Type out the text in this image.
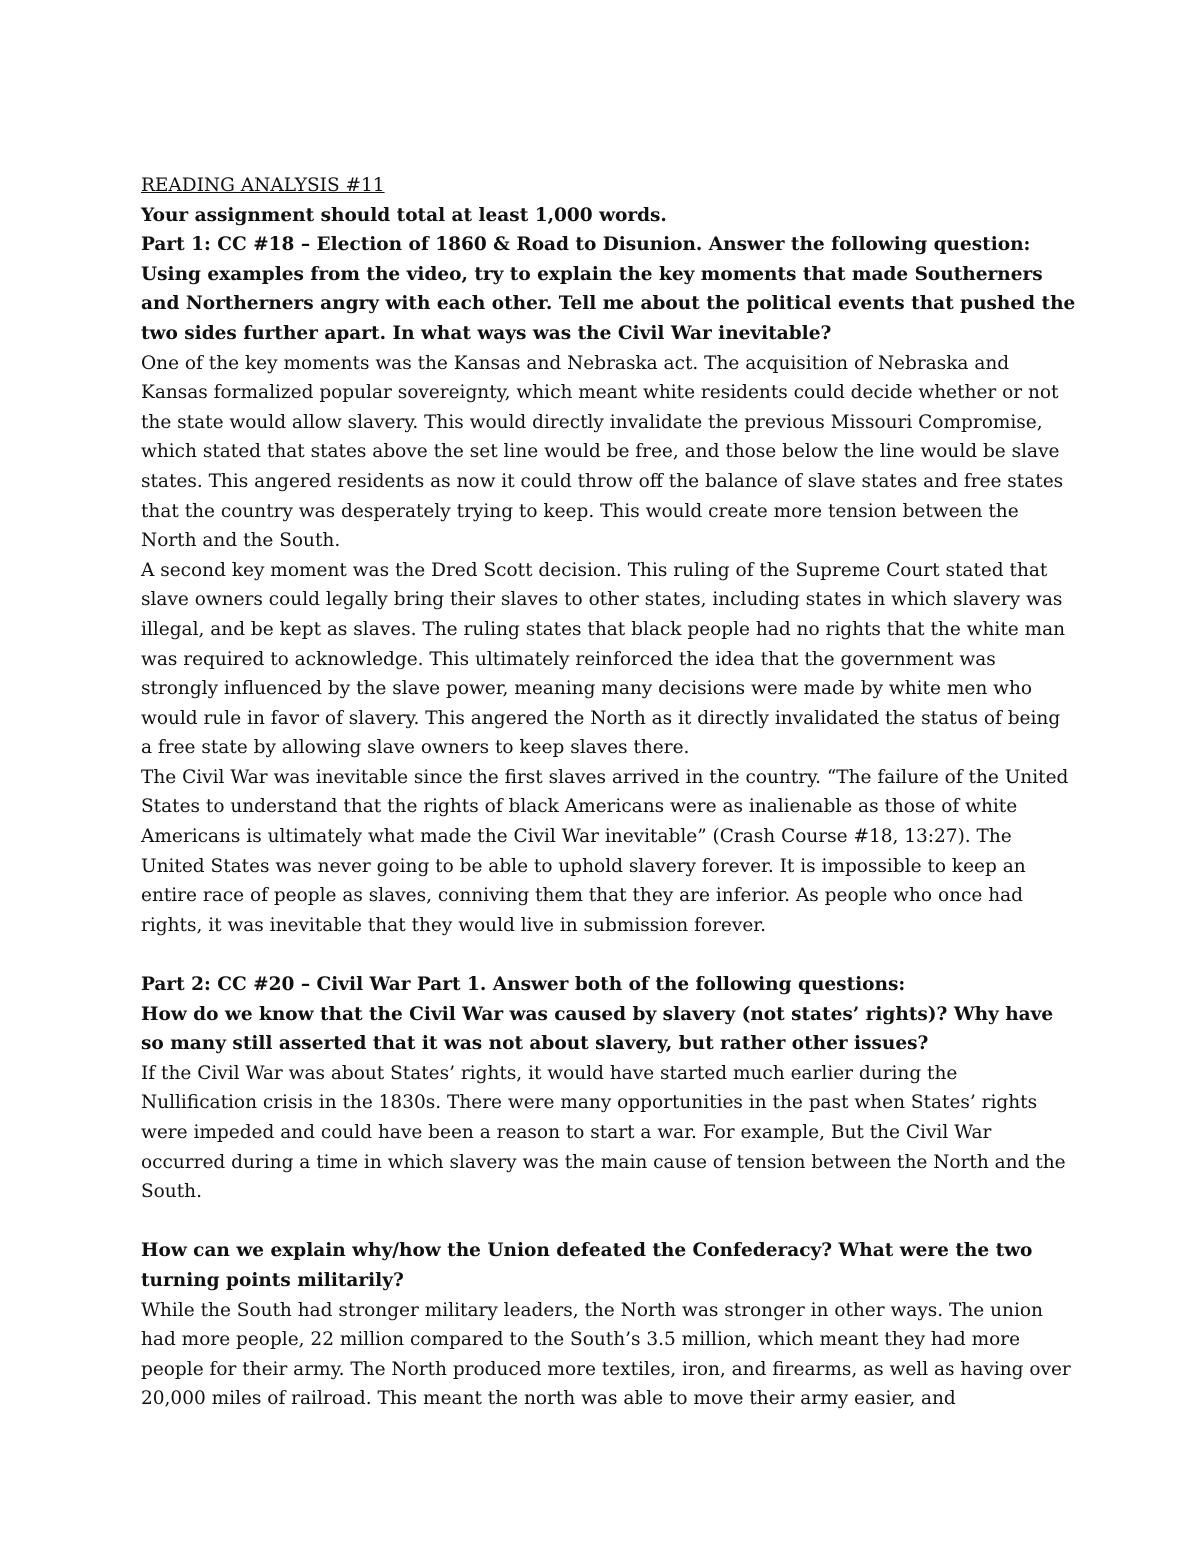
READING ANALYSIS #11

Your assignment should total at least 1,000 words.

Part 1: CC #18 – Election of 1860 & Road to Disunion. Answer the following question: Using examples from the video, try to explain the key moments that made Southerners and Northerners angry with each other. Tell me about the political events that pushed the two sides further apart. In what ways was the Civil War inevitable?

One of the key moments was the Kansas and Nebraska act. The acquisition of Nebraska and Kansas formalized popular sovereignty, which meant white residents could decide whether or not the state would allow slavery. This would directly invalidate the previous Missouri Compromise, which stated that states above the set line would be free, and those below the line would be slave states. This angered residents as now it could throw off the balance of slave states and free states that the country was desperately trying to keep. This would create more tension between the North and the South.

A second key moment was the Dred Scott decision. This ruling of the Supreme Court stated that slave owners could legally bring their slaves to other states, including states in which slavery was illegal, and be kept as slaves. The ruling states that black people had no rights that the white man was required to acknowledge. This ultimately reinforced the idea that the government was strongly influenced by the slave power, meaning many decisions were made by white men who would rule in favor of slavery. This angered the North as it directly invalidated the status of being a free state by allowing slave owners to keep slaves there.

The Civil War was inevitable since the first slaves arrived in the country. “The failure of the United States to understand that the rights of black Americans were as inalienable as those of white Americans is ultimately what made the Civil War inevitable” (Crash Course #18, 13:27). The United States was never going to be able to uphold slavery forever. It is impossible to keep an entire race of people as slaves, conniving them that they are inferior. As people who once had rights, it was inevitable that they would live in submission forever.

Part 2: CC #20 – Civil War Part 1. Answer both of the following questions:

How do we know that the Civil War was caused by slavery (not states’ rights)? Why have so many still asserted that it was not about slavery, but rather other issues?

If the Civil War was about States’ rights, it would have started much earlier during the Nullification crisis in the 1830s. There were many opportunities in the past when States’ rights were impeded and could have been a reason to start a war. For example, But the Civil War occurred during a time in which slavery was the main cause of tension between the North and the South.

How can we explain why/how the Union defeated the Confederacy? What were the two turning points militarily?

While the South had stronger military leaders, the North was stronger in other ways. The union had more people, 22 million compared to the South’s 3.5 million, which meant they had more people for their army. The North produced more textiles, iron, and firearms, as well as having over 20,000 miles of railroad. This meant the north was able to move their army easier, and
